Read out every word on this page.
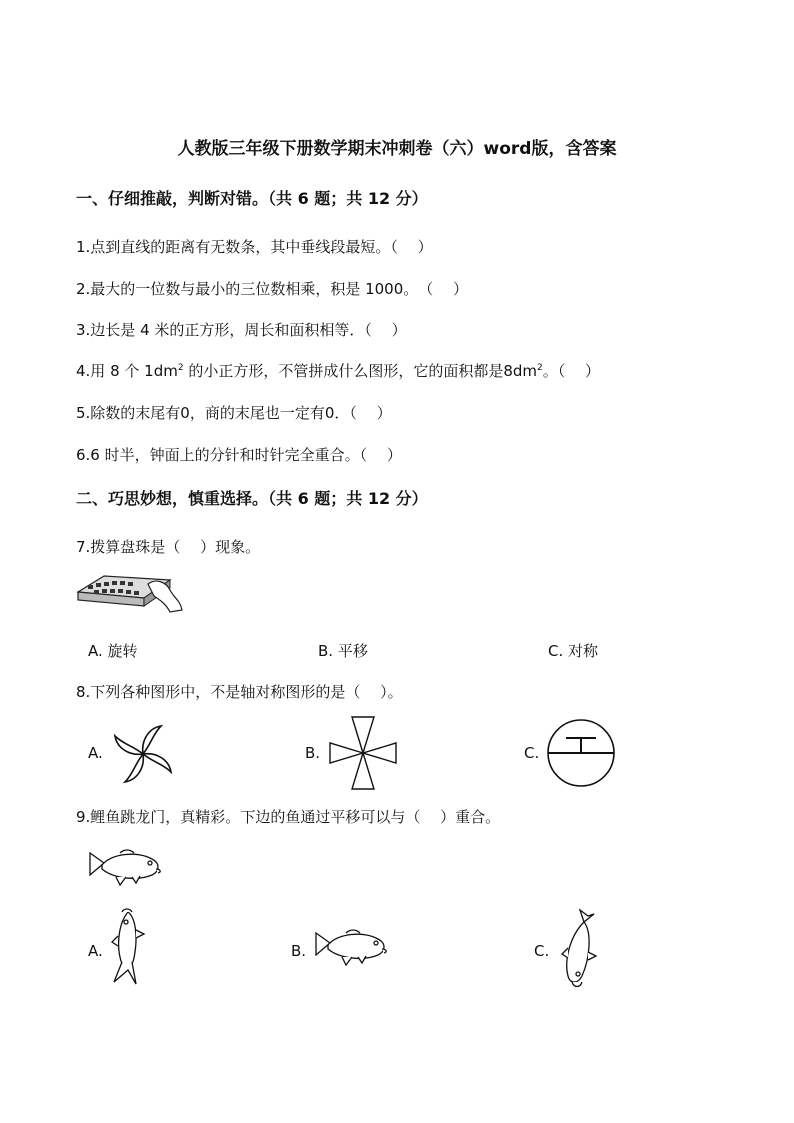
人教版三年级下册数学期末冲刺卷（六）word版，含答案
一、仔细推敲，判断对错。（共 6 题；共 12 分）
1.点到直线的距离有无数条，其中垂线段最短。（　 ）
2.最大的一位数与最小的三位数相乘，积是 1000。　（　 ）
3.边长是 4 米的正方形，周长和面积相等．（　 ）
4.用 8 个 $1dm^2$ 的小正方形，不管拼成什么图形，它的面积都是$8dm^2$。（　 ）
5.除数的末尾有0，商的末尾也一定有0．（　 ）
6.6 时半，钟面上的分针和时针完全重合。（　 ）
二、巧思妙想，慎重选择。（共 6 题；共 12 分）
7.拨算盘珠是（　 ）现象。
A. 旋转	B. 平移	C. 对称
8.下列各种图形中，不是轴对称图形的是（　 ）。
A.	B.	C.
9.鲤鱼跳龙门，真精彩。下边的鱼通过平移可以与（　 ）重合。
A.	B.	C.
